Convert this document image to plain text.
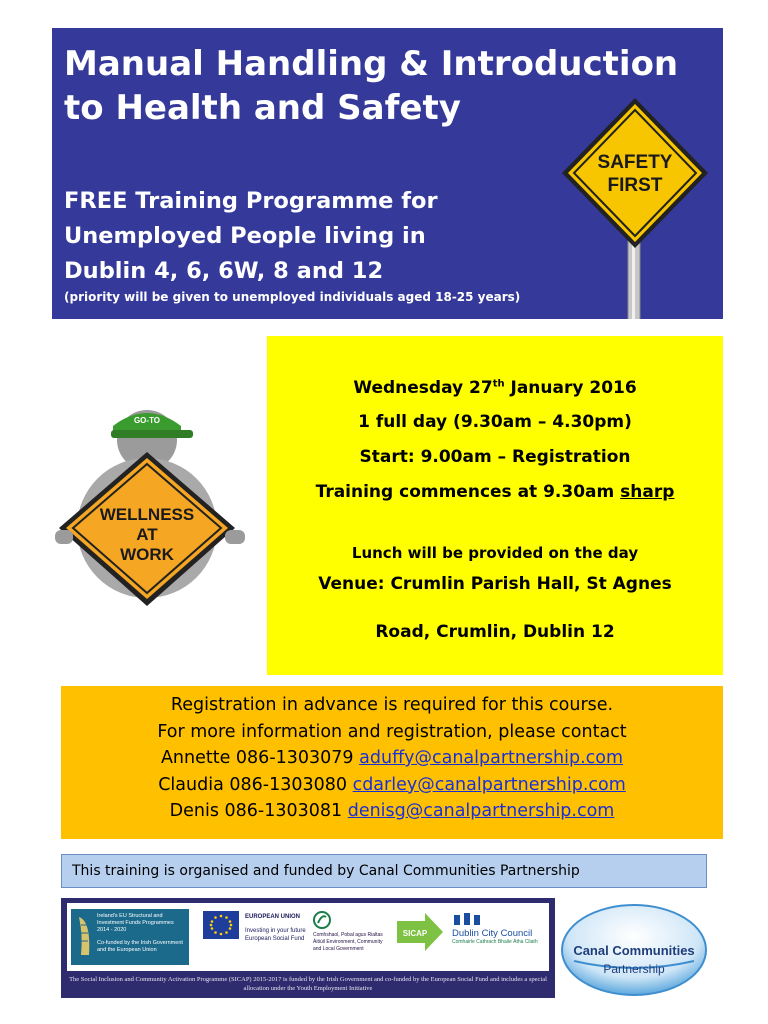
Manual Handling & Introduction
to Health and Safety
FREE Training Programme for
Unemployed People living in
Dublin 4, 6, 6W, 8 and 12
(priority will be given to unemployed individuals aged 18-25 years)
SAFETY
FIRST
GO-TO
WELLNESS
AT
WORK
Wednesday 27th January 2016
1 full day (9.30am – 4.30pm)
Start: 9.00am – Registration
Training commences at 9.30am sharp
Lunch will be provided on the day
Venue: Crumlin Parish Hall, St Agnes
Road, Crumlin, Dublin 12
Registration in advance is required for this course.
For more information and registration, please contact
Annette 086-1303079 aduffy@canalpartnership.com
Claudia 086-1303080 cdarley@canalpartnership.com
Denis 086-1303081 denisg@canalpartnership.com
This training is organised and funded by Canal Communities Partnership
Ireland's EU Structural and Investment Funds Programmes 2014 - 2020
Co-funded by the Irish Government and the European Union
EUROPEAN UNION
Investing in your future European Social Fund
Comhshaol, Pobal agus Rialtas Áitiúil Environment, Community and Local Government
SICAP	Dublin City Council
Comhairle Cathrach Bhaile Átha Cliath
The Social Inclusion and Community Activation Programme (SICAP) 2015-2017 is funded by the Irish Government and co-funded by the European Social Fund and includes a special allocation under the Youth Employment Initiative
Canal Communities
Partnership
